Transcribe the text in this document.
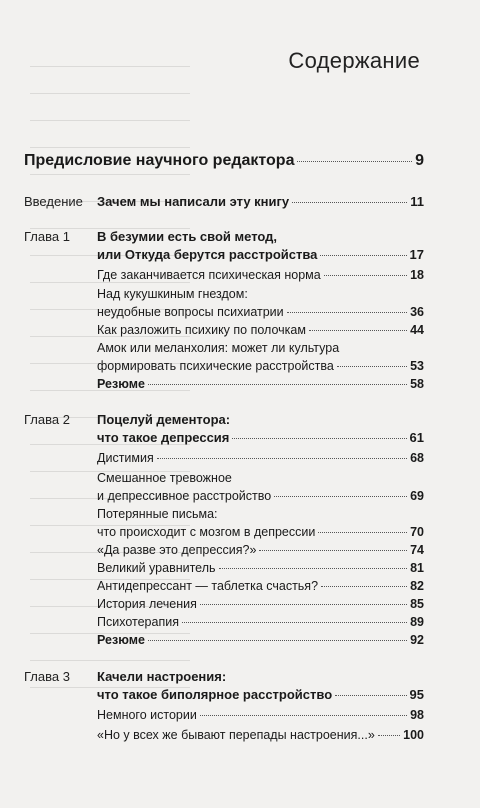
Содержание
Предисловие научного редактора	9
Введение Зачем мы написали эту книгу	11
Глава 1 В безумии есть свой метод,
или Откуда берутся расстройства	17
Где заканчивается психическая норма	18
Над кукушкиным гнездом:
неудобные вопросы психиатрии	36
Как разложить психику по полочкам	44
Амок или меланхолия: может ли культура
формировать психические расстройства	53
Резюме	58
Глава 2 Поцелуй дементора:
что такое депрессия	61
Дистимия	68
Смешанное тревожное
и депрессивное расстройство	69
Потерянные письма:
что происходит с мозгом в депрессии	70
«Да разве это депрессия?»	74
Великий уравнитель	81
Антидепрессант — таблетка счастья?	82
История лечения	85
Психотерапия	89
Резюме	92
Глава 3 Качели настроения:
что такое биполярное расстройство	95
Немного истории	98
«Но у всех же бывают перепады настроения...» 100
